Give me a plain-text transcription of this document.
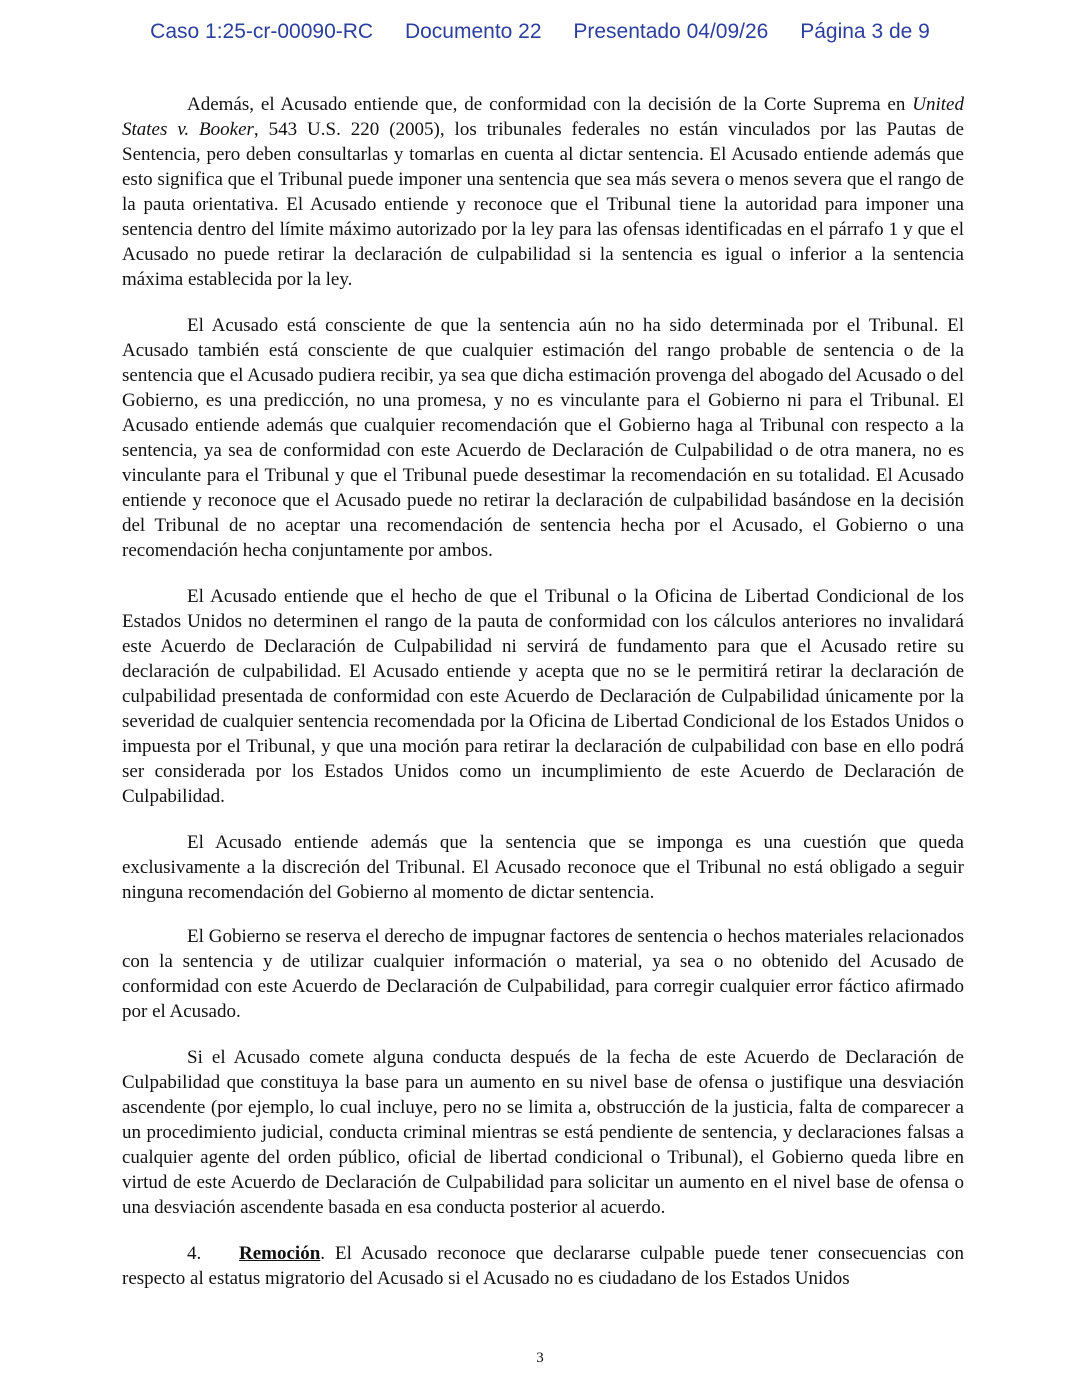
Caso 1:25-cr-00090-RC Documento 22 Presentado 04/09/26 Página 3 de 9

Además, el Acusado entiende que, de conformidad con la decisión de la Corte Suprema en United States v. Booker, 543 U.S. 220 (2005), los tribunales federales no están vinculados por las Pautas de Sentencia, pero deben consultarlas y tomarlas en cuenta al dictar sentencia. El Acusado entiende además que esto significa que el Tribunal puede imponer una sentencia que sea más severa o menos severa que el rango de la pauta orientativa. El Acusado entiende y reconoce que el Tribunal tiene la autoridad para imponer una sentencia dentro del límite máximo autorizado por la ley para las ofensas identificadas en el párrafo 1 y que el Acusado no puede retirar la declaración de culpabilidad si la sentencia es igual o inferior a la sentencia máxima establecida por la ley.

El Acusado está consciente de que la sentencia aún no ha sido determinada por el Tribunal. El Acusado también está consciente de que cualquier estimación del rango probable de sentencia o de la sentencia que el Acusado pudiera recibir, ya sea que dicha estimación provenga del abogado del Acusado o del Gobierno, es una predicción, no una promesa, y no es vinculante para el Gobierno ni para el Tribunal. El Acusado entiende además que cualquier recomendación que el Gobierno haga al Tribunal con respecto a la sentencia, ya sea de conformidad con este Acuerdo de Declaración de Culpabilidad o de otra manera, no es vinculante para el Tribunal y que el Tribunal puede desestimar la recomendación en su totalidad. El Acusado entiende y reconoce que el Acusado puede no retirar la declaración de culpabilidad basándose en la decisión del Tribunal de no aceptar una recomendación de sentencia hecha por el Acusado, el Gobierno o una recomendación hecha conjuntamente por ambos.

El Acusado entiende que el hecho de que el Tribunal o la Oficina de Libertad Condicional de los Estados Unidos no determinen el rango de la pauta de conformidad con los cálculos anteriores no invalidará este Acuerdo de Declaración de Culpabilidad ni servirá de fundamento para que el Acusado retire su declaración de culpabilidad. El Acusado entiende y acepta que no se le permitirá retirar la declaración de culpabilidad presentada de conformidad con este Acuerdo de Declaración de Culpabilidad únicamente por la severidad de cualquier sentencia recomendada por la Oficina de Libertad Condicional de los Estados Unidos o impuesta por el Tribunal, y que una moción para retirar la declaración de culpabilidad con base en ello podrá ser considerada por los Estados Unidos como un incumplimiento de este Acuerdo de Declaración de Culpabilidad.

El Acusado entiende además que la sentencia que se imponga es una cuestión que queda exclusivamente a la discreción del Tribunal. El Acusado reconoce que el Tribunal no está obligado a seguir ninguna recomendación del Gobierno al momento de dictar sentencia.

El Gobierno se reserva el derecho de impugnar factores de sentencia o hechos materiales relacionados con la sentencia y de utilizar cualquier información o material, ya sea o no obtenido del Acusado de conformidad con este Acuerdo de Declaración de Culpabilidad, para corregir cualquier error fáctico afirmado por el Acusado.

Si el Acusado comete alguna conducta después de la fecha de este Acuerdo de Declaración de Culpabilidad que constituya la base para un aumento en su nivel base de ofensa o justifique una desviación ascendente (por ejemplo, lo cual incluye, pero no se limita a, obstrucción de la justicia, falta de comparecer a un procedimiento judicial, conducta criminal mientras se está pendiente de sentencia, y declaraciones falsas a cualquier agente del orden público, oficial de libertad condicional o Tribunal), el Gobierno queda libre en virtud de este Acuerdo de Declaración de Culpabilidad para solicitar un aumento en el nivel base de ofensa o una desviación ascendente basada en esa conducta posterior al acuerdo.

4. Remoción. El Acusado reconoce que declararse culpable puede tener consecuencias con respecto al estatus migratorio del Acusado si el Acusado no es ciudadano de los Estados Unidos

3
